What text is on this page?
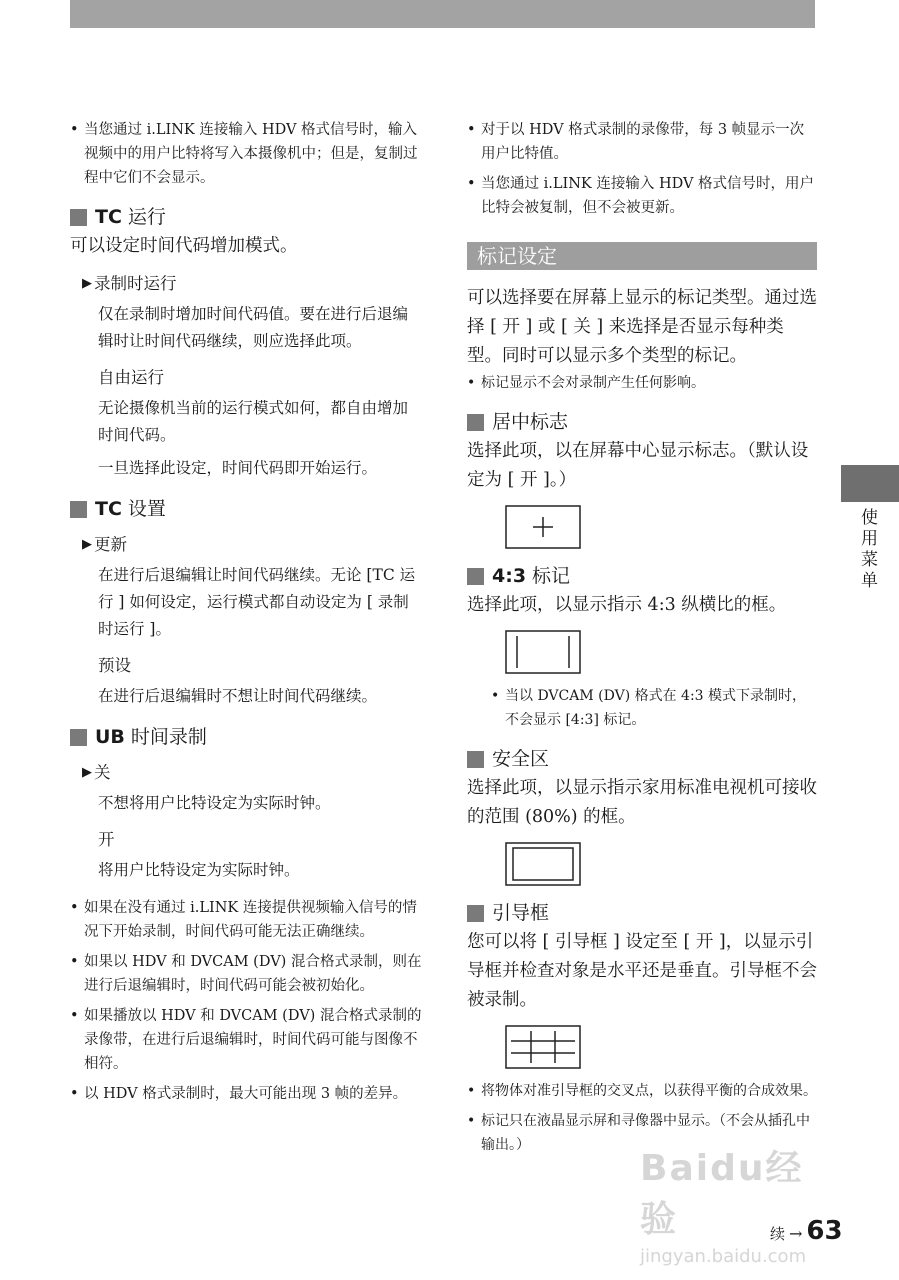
• 当您通过 i.LINK 连接输入 HDV 格式信号时，输入视频中的用户比特将写入本摄像机中；但是，复制过程中它们不会显示。
TC 运行
可以设定时间代码增加模式。
▶ 录制时运行
仅在录制时增加时间代码值。要在进行后退编辑时让时间代码继续，则应选择此项。
自由运行
无论摄像机当前的运行模式如何，都自由增加时间代码。
一旦选择此设定，时间代码即开始运行。
TC 设置
▶ 更新
在进行后退编辑让时间代码继续。无论 [TC 运行 ] 如何设定，运行模式都自动设定为 [ 录制时运行 ]。
预设
在进行后退编辑时不想让时间代码继续。
UB 时间录制
▶ 关
不想将用户比特设定为实际时钟。
开
将用户比特设定为实际时钟。
• 如果在没有通过 i.LINK 连接提供视频输入信号的情况下开始录制，时间代码可能无法正确继续。
• 如果以 HDV 和 DVCAM (DV) 混合格式录制，则在进行后退编辑时，时间代码可能会被初始化。
• 如果播放以 HDV 和 DVCAM (DV) 混合格式录制的录像带，在进行后退编辑时，时间代码可能与图像不相符。
• 以 HDV 格式录制时，最大可能出现 3 帧的差异。
• 对于以 HDV 格式录制的录像带，每 3 帧显示一次用户比特值。
• 当您通过 i.LINK 连接输入 HDV 格式信号时，用户比特会被复制，但不会被更新。
标记设定
可以选择要在屏幕上显示的标记类型。通过选择 [ 开 ] 或 [ 关 ] 来选择是否显示每种类型。同时可以显示多个类型的标记。
• 标记显示不会对录制产生任何影响。
居中标志
选择此项，以在屏幕中心显示标志。（默认设定为 [ 开 ]。）
4:3 标记
选择此项，以显示指示 4:3 纵横比的框。
• 当以 DVCAM (DV) 格式在 4:3 模式下录制时，不会显示 [4:3] 标记。
安全区
选择此项，以显示指示家用标准电视机可接收的范围 (80%) 的框。
引导框
您可以将 [ 引导框 ] 设定至 [ 开 ]，以显示引导框并检查对象是水平还是垂直。引导框不会被录制。
• 将物体对准引导框的交叉点，以获得平衡的合成效果。
• 标记只在液晶显示屏和寻像器中显示。（不会从插孔中输出。）
使用菜单
Baidu经验
jingyan.baidu.com
续 → 63
